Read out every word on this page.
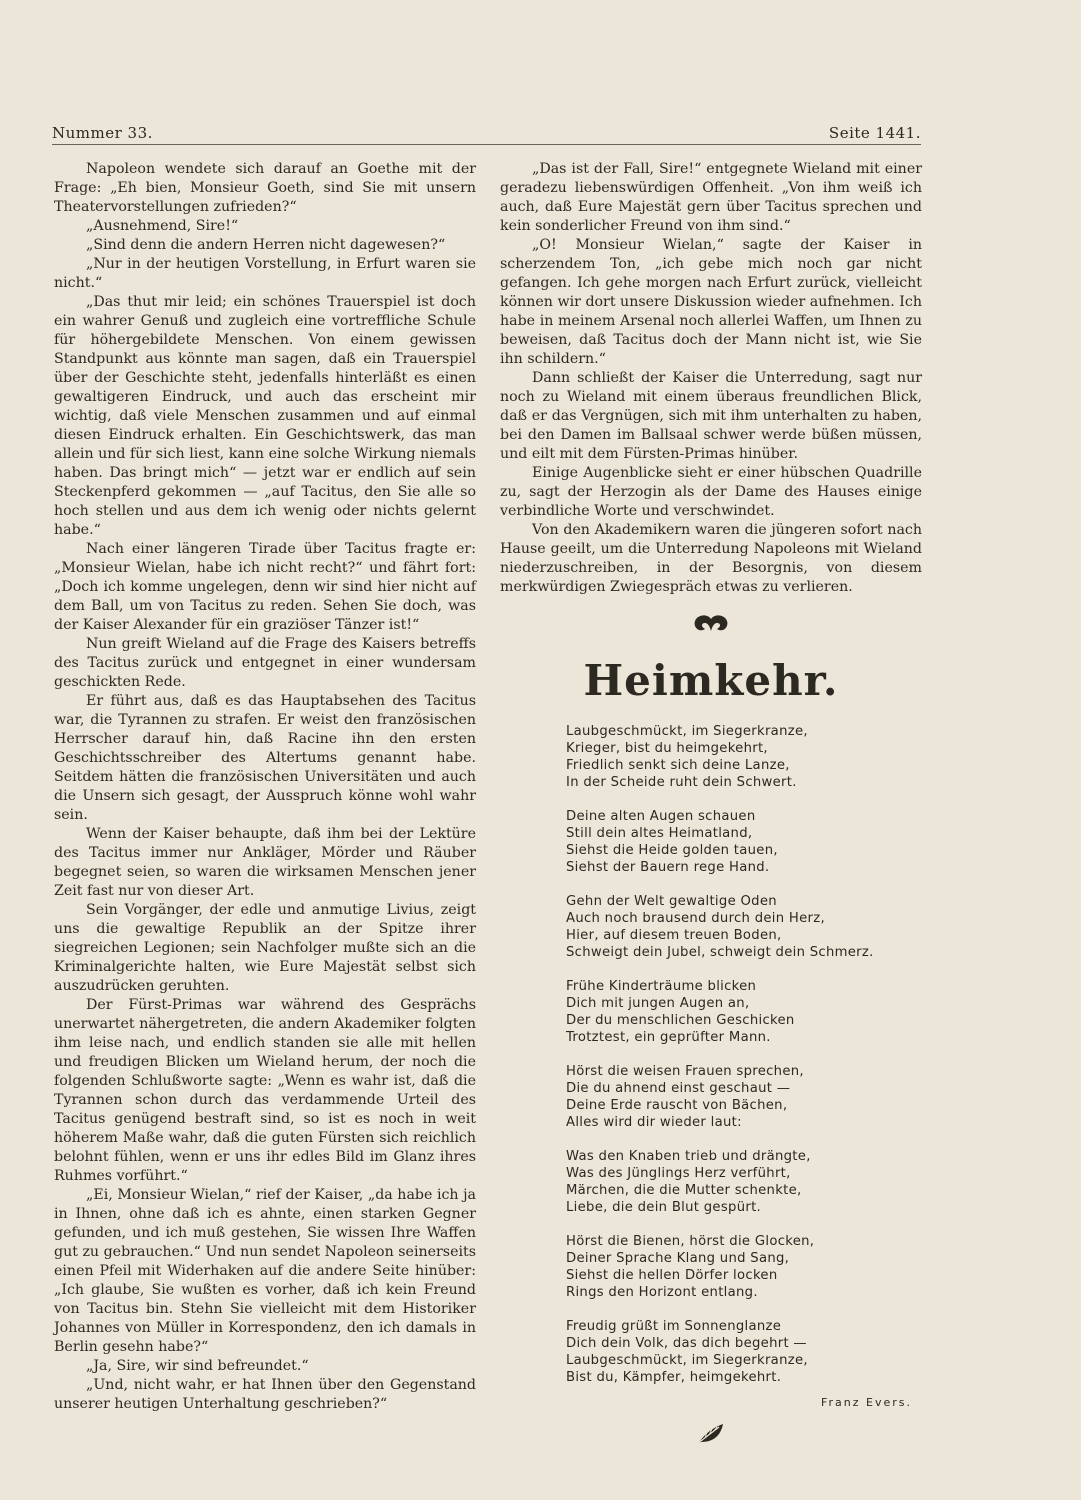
Nummer 33.	Seite 1441.

Napoleon wendete sich darauf an Goethe mit der Frage: „Eh bien, Monsieur Goeth, sind Sie mit unsern Theatervorstellungen zufrieden?“

„Ausnehmend, Sire!“

„Sind denn die andern Herren nicht dagewesen?“

„Nur in der heutigen Vorstellung, in Erfurt waren sie nicht.“

„Das thut mir leid; ein schönes Trauerspiel ist doch ein wahrer Genuß und zugleich eine vortreffliche Schule für höhergebildete Menschen. Von einem gewissen Standpunkt aus könnte man sagen, daß ein Trauerspiel über der Geschichte steht, jedenfalls hinterläßt es einen gewaltigeren Eindruck, und auch das erscheint mir wichtig, daß viele Menschen zusammen und auf einmal diesen Eindruck erhalten. Ein Geschichtswerk, das man allein und für sich liest, kann eine solche Wirkung niemals haben. Das bringt mich“ — jetzt war er endlich auf sein Steckenpferd gekommen — „auf Tacitus, den Sie alle so hoch stellen und aus dem ich wenig oder nichts gelernt habe.“

Nach einer längeren Tirade über Tacitus fragte er: „Monsieur Wielan, habe ich nicht recht?“ und fährt fort: „Doch ich komme ungelegen, denn wir sind hier nicht auf dem Ball, um von Tacitus zu reden. Sehen Sie doch, was der Kaiser Alexander für ein graziöser Tänzer ist!“

Nun greift Wieland auf die Frage des Kaisers betreffs des Tacitus zurück und entgegnet in einer wundersam geschickten Rede.

Er führt aus, daß es das Hauptabsehen des Tacitus war, die Tyrannen zu strafen. Er weist den französischen Herrscher darauf hin, daß Racine ihn den ersten Geschichtsschreiber des Altertums genannt habe. Seitdem hätten die französischen Universitäten und auch die Unsern sich gesagt, der Ausspruch könne wohl wahr sein.

Wenn der Kaiser behaupte, daß ihm bei der Lektüre des Tacitus immer nur Ankläger, Mörder und Räuber begegnet seien, so waren die wirksamen Menschen jener Zeit fast nur von dieser Art.

Sein Vorgänger, der edle und anmutige Livius, zeigt uns die gewaltige Republik an der Spitze ihrer siegreichen Legionen; sein Nachfolger mußte sich an die Kriminalgerichte halten, wie Eure Majestät selbst sich auszudrücken geruhten.

Der Fürst-Primas war während des Gesprächs unerwartet nähergetreten, die andern Akademiker folgten ihm leise nach, und endlich standen sie alle mit hellen und freudigen Blicken um Wieland herum, der noch die folgenden Schlußworte sagte: „Wenn es wahr ist, daß die Tyrannen schon durch das verdammende Urteil des Tacitus genügend bestraft sind, so ist es noch in weit höherem Maße wahr, daß die guten Fürsten sich reichlich belohnt fühlen, wenn er uns ihr edles Bild im Glanz ihres Ruhmes vorführt.“

„Ei, Monsieur Wielan,“ rief der Kaiser, „da habe ich ja in Ihnen, ohne daß ich es ahnte, einen starken Gegner gefunden, und ich muß gestehen, Sie wissen Ihre Waffen gut zu gebrauchen.“ Und nun sendet Napoleon seinerseits einen Pfeil mit Widerhaken auf die andere Seite hinüber: „Ich glaube, Sie wußten es vorher, daß ich kein Freund von Tacitus bin. Stehn Sie vielleicht mit dem Historiker Johannes von Müller in Korrespondenz, den ich damals in Berlin gesehn habe?“

„Ja, Sire, wir sind befreundet.“

„Und, nicht wahr, er hat Ihnen über den Gegenstand unserer heutigen Unterhaltung geschrieben?“

„Das ist der Fall, Sire!“ entgegnete Wieland mit einer geradezu liebenswürdigen Offenheit. „Von ihm weiß ich auch, daß Eure Majestät gern über Tacitus sprechen und kein sonderlicher Freund von ihm sind.“

„O! Monsieur Wielan,“ sagte der Kaiser in scherzendem Ton, „ich gebe mich noch gar nicht gefangen. Ich gehe morgen nach Erfurt zurück, vielleicht können wir dort unsere Diskussion wieder aufnehmen. Ich habe in meinem Arsenal noch allerlei Waffen, um Ihnen zu beweisen, daß Tacitus doch der Mann nicht ist, wie Sie ihn schildern.“

Dann schließt der Kaiser die Unterredung, sagt nur noch zu Wieland mit einem überaus freundlichen Blick, daß er das Vergnügen, sich mit ihm unterhalten zu haben, bei den Damen im Ballsaal schwer werde büßen müssen, und eilt mit dem Fürsten-Primas hinüber.

Einige Augenblicke sieht er einer hübschen Quadrille zu, sagt der Herzogin als der Dame des Hauses einige verbindliche Worte und verschwindet.

Von den Akademikern waren die jüngeren sofort nach Hause geeilt, um die Unterredung Napoleons mit Wieland niederzuschreiben, in der Besorgnis, von diesem merkwürdigen Zwiegespräch etwas zu verlieren.

Heimkehr.
Laubgeschmückt, im Siegerkranze,
Krieger, bist du heimgekehrt,
Friedlich senkt sich deine Lanze,
In der Scheide ruht dein Schwert.
Deine alten Augen schauen
Still dein altes Heimatland,
Siehst die Heide golden tauen,
Siehst der Bauern rege Hand.
Gehn der Welt gewaltige Oden
Auch noch brausend durch dein Herz,
Hier, auf diesem treuen Boden,
Schweigt dein Jubel, schweigt dein Schmerz.
Frühe Kinderträume blicken
Dich mit jungen Augen an,
Der du menschlichen Geschicken
Trotztest, ein geprüfter Mann.
Hörst die weisen Frauen sprechen,
Die du ahnend einst geschaut —
Deine Erde rauscht von Bächen,
Alles wird dir wieder laut:
Was den Knaben trieb und drängte,
Was des Jünglings Herz verführt,
Märchen, die die Mutter schenkte,
Liebe, die dein Blut gespürt.
Hörst die Bienen, hörst die Glocken,
Deiner Sprache Klang und Sang,
Siehst die hellen Dörfer locken
Rings den Horizont entlang.
Freudig grüßt im Sonnenglanze
Dich dein Volk, das dich begehrt —
Laubgeschmückt, im Siegerkranze,
Bist du, Kämpfer, heimgekehrt.
Franz Evers.
